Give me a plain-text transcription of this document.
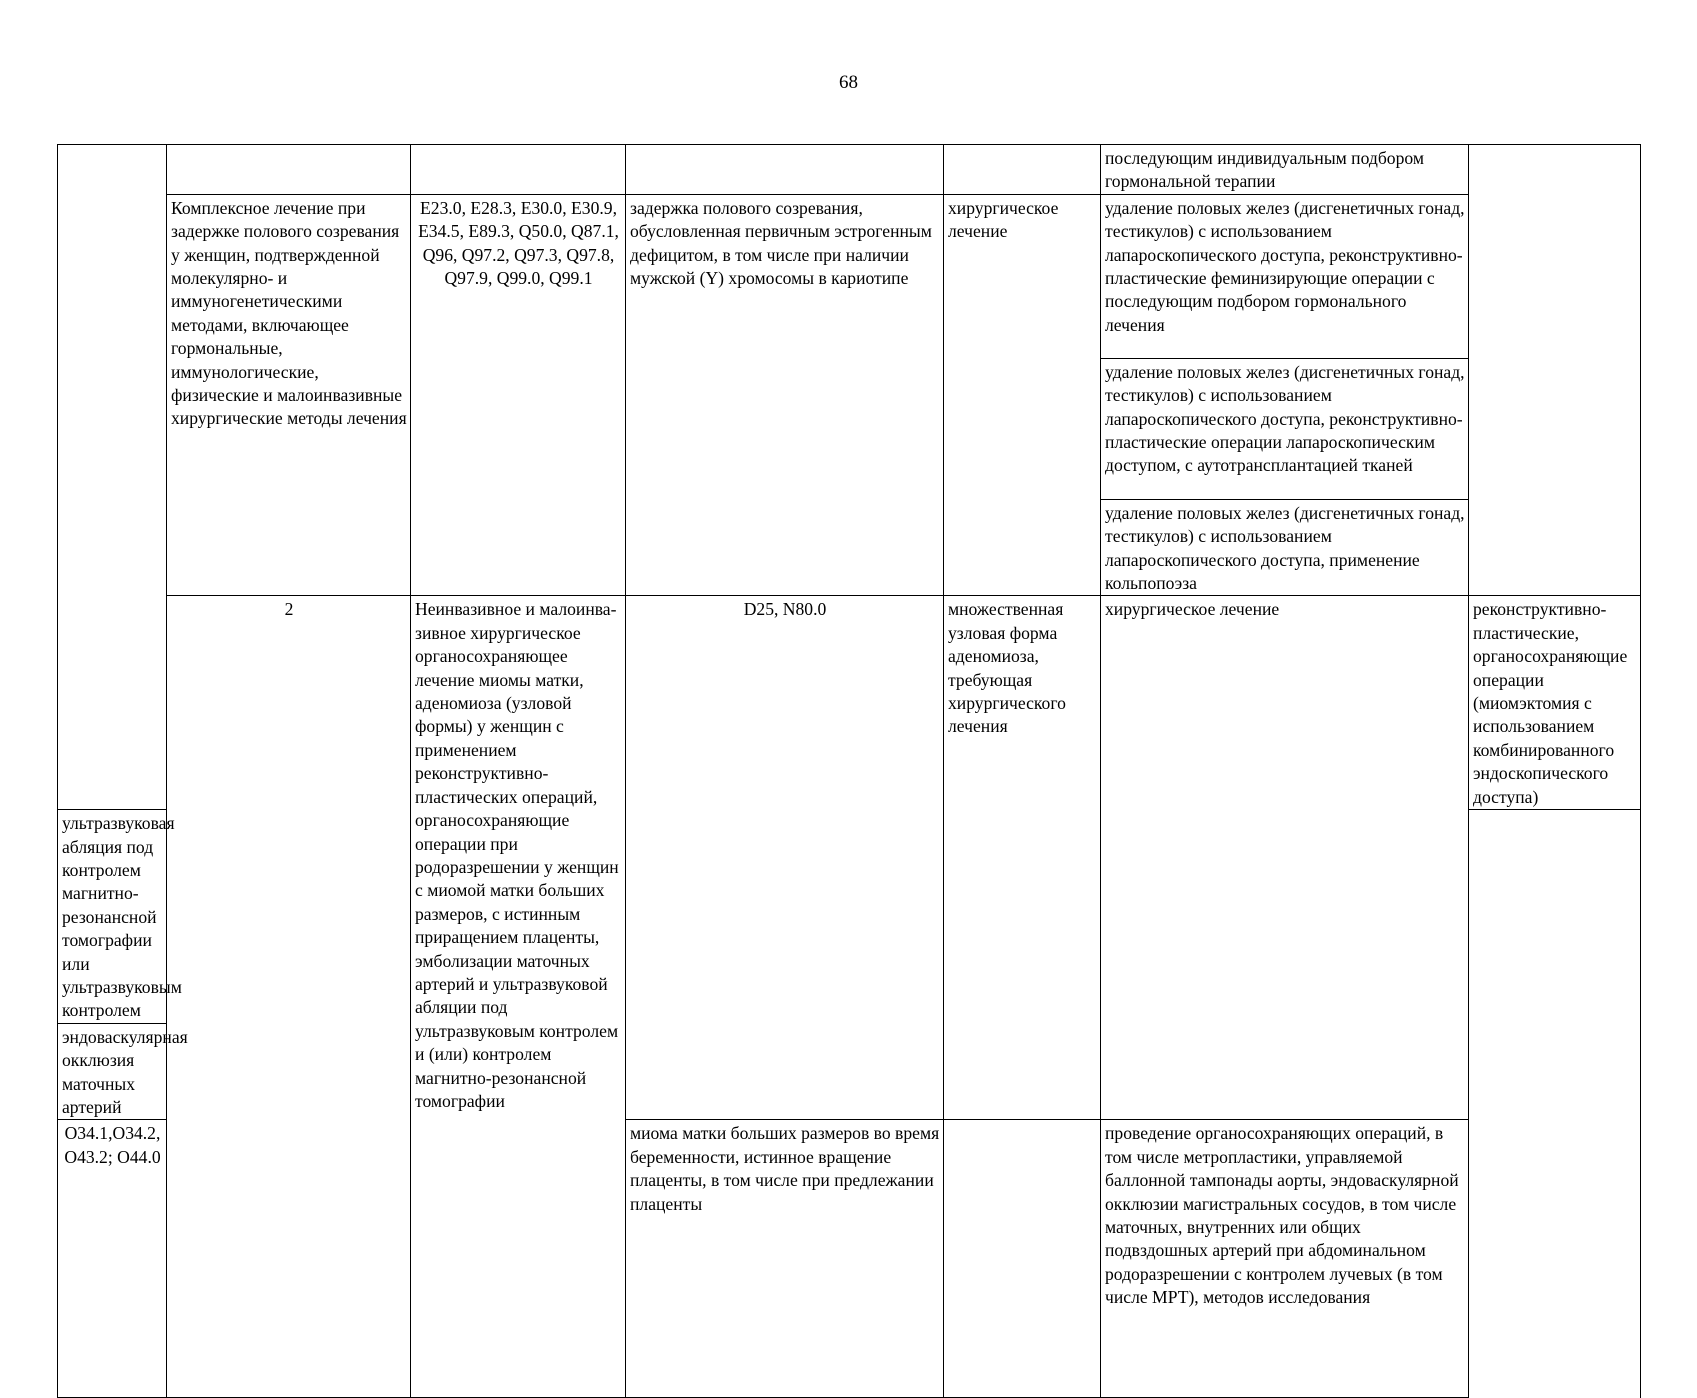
68
					последующим индивидуальным подбором гормональной терапии		
	Комплексное лечение при задержке полового созревания у женщин, подтвержденной молекулярно- и иммуногенетическими методами, включающее гормональные, иммунологические, физические и малоинвазивные хирургические методы лечения	E23.0, E28.3, E30.0, E30.9, E34.5, E89.3, Q50.0, Q87.1, Q96, Q97.2, Q97.3, Q97.8, Q97.9, Q99.0, Q99.1	задержка полового созревания, обусловленная первичным эстрогенным дефицитом, в том числе при наличии мужской (Y) хромосомы в кариотипе	хирургическое лечение	удаление половых желез (дисгенетичных гонад, тестикулов) с использованием лапароскопического доступа, реконструктивно-пластические феминизирующие операции с последующим подбором гормонального лечения		
					удаление половых желез (дисгенетичных гонад, тестикулов) с использованием лапароскопического доступа, реконструктивно-пластические операции лапароскопическим доступом, с аутотрансплантацией тканей		
					удаление половых желез (дисгенетичных гонад, тестикулов) с использованием лапароскопического доступа, применение кольпопоэза		
	2	Неинвазивное и малоинва-зивное хирургическое органосохраняющее лечение миомы матки, аденомиоза (узловой формы) у женщин с применением реконструктивно-пластических операций, органосохраняющие операции при родоразрешении у женщин с миомой матки больших размеров, с истинным приращением плаценты, эмболизации маточных артерий и ультразвуковой абляции под ультразвуковым контролем и (или) контролем магнитно-резонансной томографии	D25, N80.0	множественная узловая форма аденомиоза, требующая хирургического лечения	хирургическое лечение	реконструктивно-пластические, органосохраняющие операции (миомэктомия с использованием комбинированного эндоскопического доступа)	
ультразвуковая абляция под контролем магнитно-резонансной томографии или ультразвуковым контролем							
эндоваскулярная окклюзия маточных артерий							
O34.1,O34.2, O43.2; O44.0			миома матки больших размеров во время беременности, истинное вращение плаценты, в том числе при предлежании плаценты		проведение органосохраняющих операций, в том числе метропластики, управляемой баллонной тампонады аорты, эндоваскулярной окклюзии магистральных сосудов, в том числе маточных, внутренних или общих подвздошных артерий при абдоминальном родоразрешении с контролем лучевых (в том числе МРТ), методов исследования		
